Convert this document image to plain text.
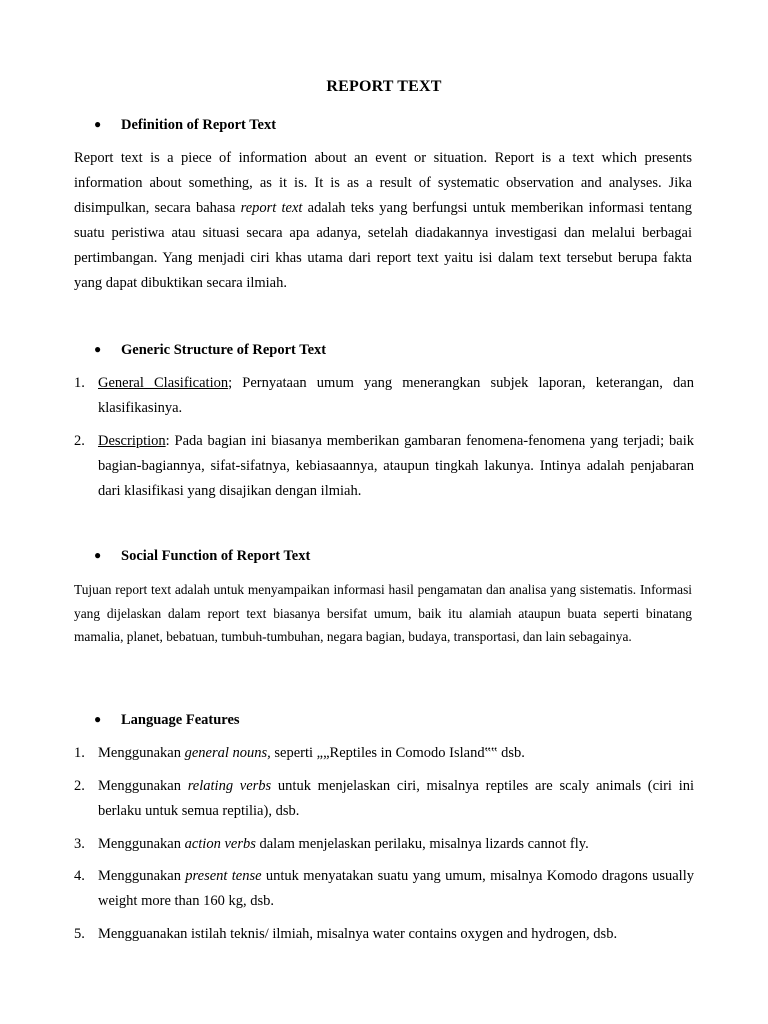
REPORT TEXT
● Definition of Report Text
Report text is a piece of information about an event or situation. Report is a text which presents information about something, as it is. It is as a result of systematic observation and analyses. Jika disimpulkan, secara bahasa report text adalah teks yang berfungsi untuk memberikan informasi tentang suatu peristiwa atau situasi secara apa adanya, setelah diadakannya investigasi dan melalui berbagai pertimbangan. Yang menjadi ciri khas utama dari report text yaitu isi dalam text tersebut berupa fakta yang dapat dibuktikan secara ilmiah.
● Generic Structure of Report Text
1. General Clasification; Pernyataan umum yang menerangkan subjek laporan, keterangan, dan klasifikasinya.
2. Description: Pada bagian ini biasanya memberikan gambaran fenomena-fenomena yang terjadi; baik bagian-bagiannya, sifat-sifatnya, kebiasaannya, ataupun tingkah lakunya. Intinya adalah penjabaran dari klasifikasi yang disajikan dengan ilmiah.
● Social Function of Report Text
Tujuan report text adalah untuk menyampaikan informasi hasil pengamatan dan analisa yang sistematis. Informasi yang dijelaskan dalam report text biasanya bersifat umum, baik itu alamiah ataupun buata seperti binatang mamalia, planet, bebatuan, tumbuh-tumbuhan, negara bagian, budaya, transportasi, dan lain sebagainya.
● Language Features
1. Menggunakan general nouns, seperti „„Reptiles in Comodo Island‟‟ dsb.
2. Menggunakan relating verbs untuk menjelaskan ciri, misalnya reptiles are scaly animals (ciri ini berlaku untuk semua reptilia), dsb.
3. Menggunakan action verbs dalam menjelaskan perilaku, misalnya lizards cannot fly.
4. Menggunakan present tense untuk menyatakan suatu yang umum, misalnya Komodo dragons usually weight more than 160 kg, dsb.
5. Mengguanakan istilah teknis/ ilmiah, misalnya water contains oxygen and hydrogen, dsb.
